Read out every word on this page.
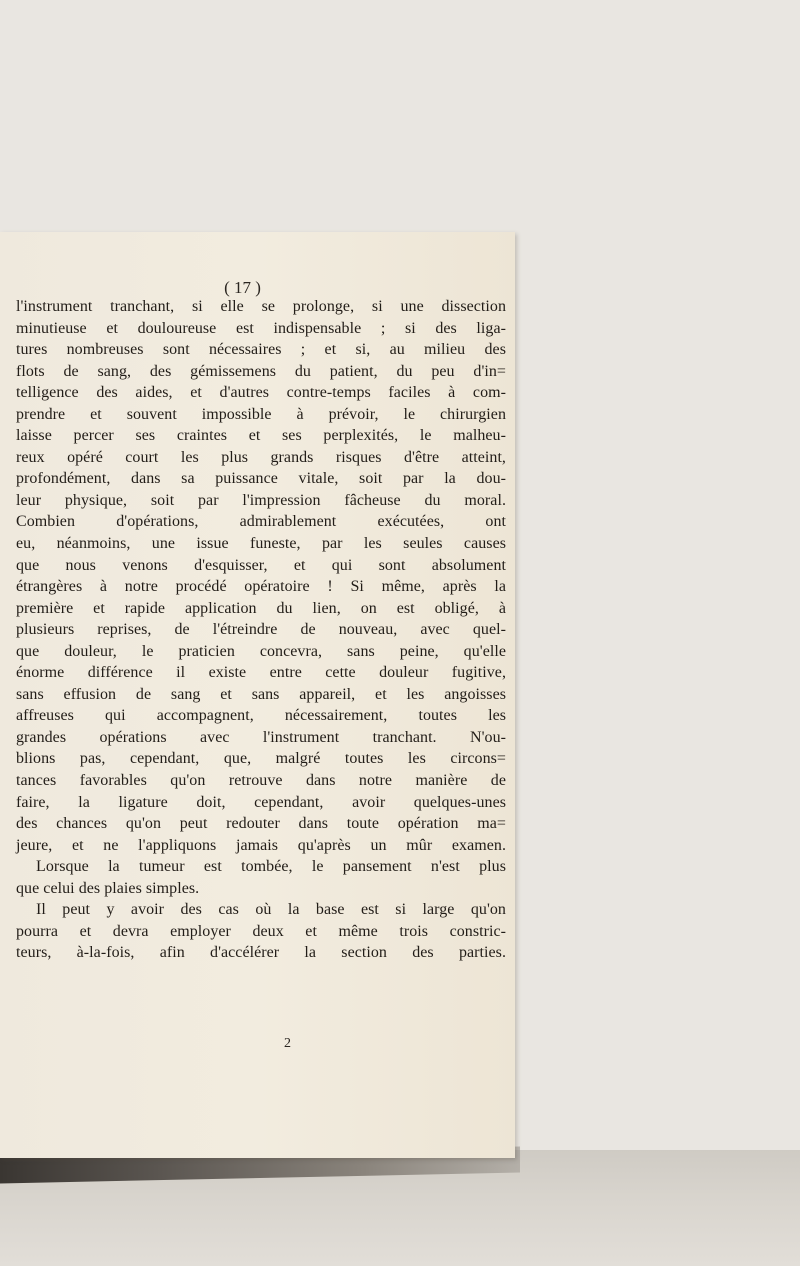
( 17 )
l'instrument tranchant, si elle se prolonge, si une dissection
minutieuse et douloureuse est indispensable ; si des liga-
tures nombreuses sont nécessaires ; et si, au milieu des
flots de sang, des gémissemens du patient, du peu d'in=
telligence des aides, et d'autres contre-temps faciles à com-
prendre et souvent impossible à prévoir, le chirurgien
laisse percer ses craintes et ses perplexités, le malheu-
reux opéré court les plus grands risques d'être atteint,
profondément, dans sa puissance vitale, soit par la dou-
leur physique, soit par l'impression fâcheuse du moral.
Combien d'opérations, admirablement exécutées, ont
eu, néanmoins, une issue funeste, par les seules causes
que nous venons d'esquisser, et qui sont absolument
étrangères à notre procédé opératoire ! Si même, après la
première et rapide application du lien, on est obligé, à
plusieurs reprises, de l'étreindre de nouveau, avec quel-
que douleur, le praticien concevra, sans peine, qu'elle
énorme différence il existe entre cette douleur fugitive,
sans effusion de sang et sans appareil, et les angoisses
affreuses qui accompagnent, nécessairement, toutes les
grandes opérations avec l'instrument tranchant. N'ou-
blions pas, cependant, que, malgré toutes les circons=
tances favorables qu'on retrouve dans notre manière de
faire, la ligature doit, cependant, avoir quelques-unes
des chances qu'on peut redouter dans toute opération ma=
jeure, et ne l'appliquons jamais qu'après un mûr examen.
Lorsque la tumeur est tombée, le pansement n'est plus
que celui des plaies simples.
Il peut y avoir des cas où la base est si large qu'on
pourra et devra employer deux et même trois constric-
teurs, à-la-fois, afin d'accélérer la section des parties.
2
